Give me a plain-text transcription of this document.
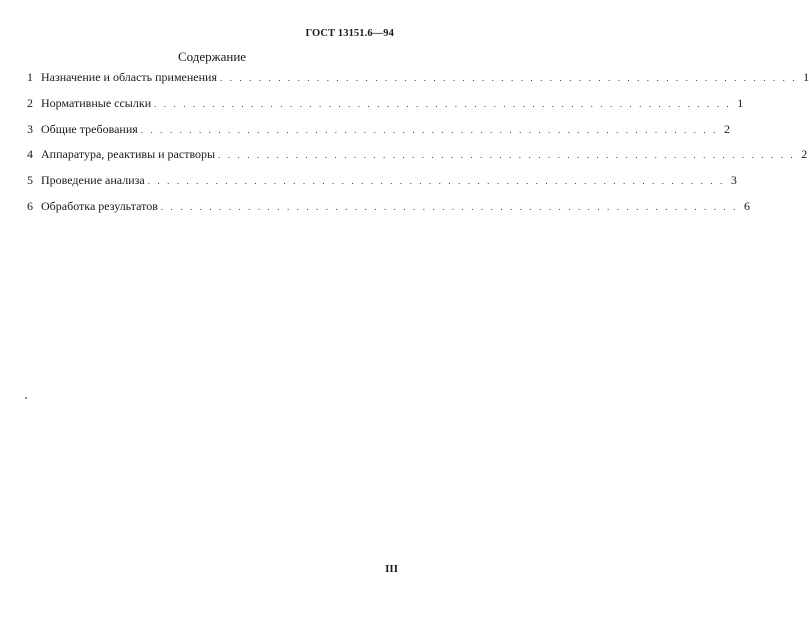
ГОСТ 13151.6—94
Содержание
1 Назначение и область применения . . . . . . . . . . . . . . . . . . . . . . . . . . . . . . . . . . . . . . . . . . . . . . . . . . . . . . . . . . . . 1
2 Нормативные ссылки . . . . . . . . . . . . . . . . . . . . . . . . . . . . . . . . . . . . . . . . . . . . . . . . . . . . . . . . . . . . 1
3 Общие требования . . . . . . . . . . . . . . . . . . . . . . . . . . . . . . . . . . . . . . . . . . . . . . . . . . . . . . . . . . . . 2
4 Аппаратура, реактивы и растворы . . . . . . . . . . . . . . . . . . . . . . . . . . . . . . . . . . . . . . . . . . . . . . . . . . . . . . . . . . . . 2
5 Проведение анализа . . . . . . . . . . . . . . . . . . . . . . . . . . . . . . . . . . . . . . . . . . . . . . . . . . . . . . . . . . . . 3
6 Обработка результатов . . . . . . . . . . . . . . . . . . . . . . . . . . . . . . . . . . . . . . . . . . . . . . . . . . . . . . . . . . . . 6
III
